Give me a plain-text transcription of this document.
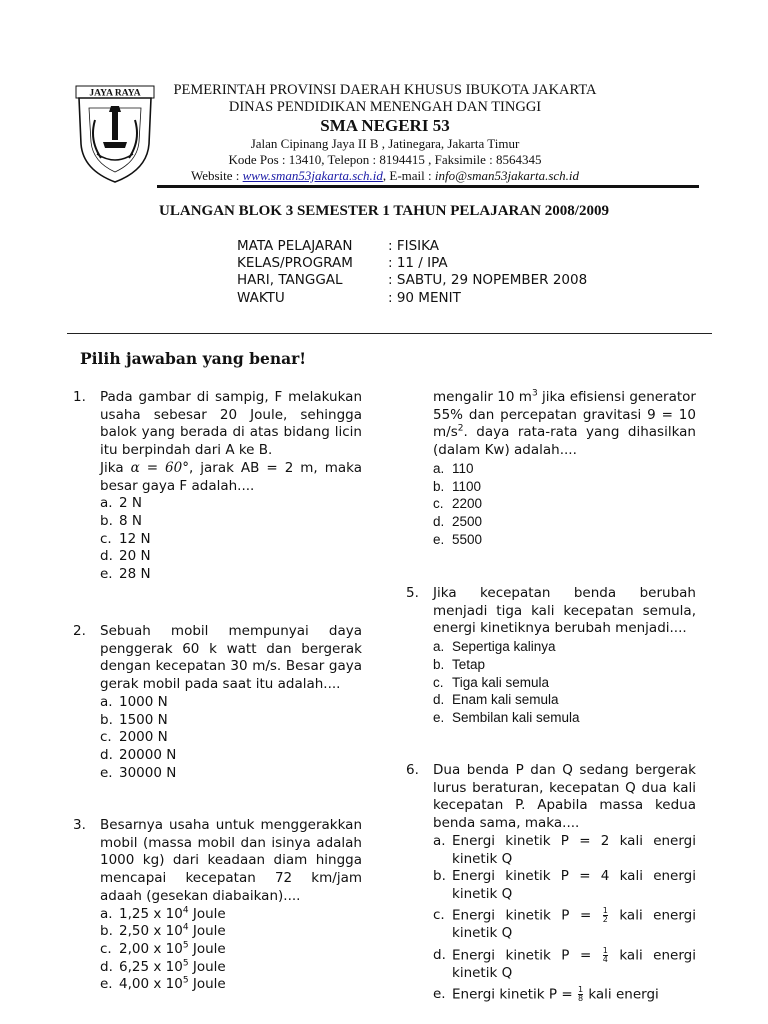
JAYA RAYA	PEMERINTAH PROVINSI DAERAH KHUSUS IBUKOTA JAKARTA
DINAS PENDIDIKAN MENENGAH DAN TINGGI
SMA NEGERI 53
Jalan Cipinang Jaya II B , Jatinegara, Jakarta Timur
Kode Pos : 13410, Telepon : 8194415 , Faksimile : 8564345
Website : www.sman53jakarta.sch.id, E-mail : info@sman53jakarta.sch.id
ULANGAN BLOK 3 SEMESTER 1 TAHUN PELAJARAN 2008/2009
MATA PELAJARAN	: FISIKA
KELAS/PROGRAM	: 11 / IPA
HARI, TANGGAL	: SABTU, 29 NOPEMBER 2008
WAKTU	: 90 MENIT
Pilih jawaban yang benar!
1. Pada gambar di sampig, F melakukan usaha sebesar 20 Joule, sehingga balok yang berada di atas bidang licin itu berpindah dari A ke B.
Jika α = 60°, jarak AB = 2 m, maka besar gaya F adalah....
a. 2 N
b. 8 N
c. 12 N
d. 20 N
e. 28 N
2. Sebuah mobil mempunyai daya penggerak 60 k watt dan bergerak dengan kecepatan 30 m/s. Besar gaya gerak mobil pada saat itu adalah....
a. 1000 N
b. 1500 N
c. 2000 N
d. 20000 N
e. 30000 N
3. Besarnya usaha untuk menggerakkan mobil (massa mobil dan isinya adalah 1000 kg) dari keadaan diam hingga mencapai kecepatan 72 km/jam adaah (gesekan diabaikan)....
a. 1,25 x $10^4$ Joule
b. 2,50 x $10^4$ Joule
c. 2,00 x $10^5$ Joule
d. 6,25 x $10^5$ Joule
e. 4,00 x $10^5$ Joule
mengalir 10 $m^3$ jika efisiensi generator 55% dan percepatan gravitasi 9 = 10 $m/s^2$. daya rata-rata yang dihasilkan (dalam Kw) adalah....
a. 110
b. 1100
c. 2200
d. 2500
e. 5500
5. Jika kecepatan benda berubah menjadi tiga kali kecepatan semula, energi kinetiknya berubah menjadi....
a. Sepertiga kalinya
b. Tetap
c. Tiga kali semula
d. Enam kali semula
e. Sembilan kali semula
6. Dua benda P dan Q sedang bergerak lurus beraturan, kecepatan Q dua kali kecepatan P. Apabila massa kedua benda sama, maka....
a. Energi kinetik P = 2 kali energi kinetik Q
b. Energi kinetik P = 4 kali energi kinetik Q
c. Energi kinetik $P = \frac{1}{2}$ kali energi kinetik Q
d. Energi kinetik $P = \frac{1}{4}$ kali energi kinetik Q
e. Energi kinetik $P = \frac{1}{8}$ kali energi
